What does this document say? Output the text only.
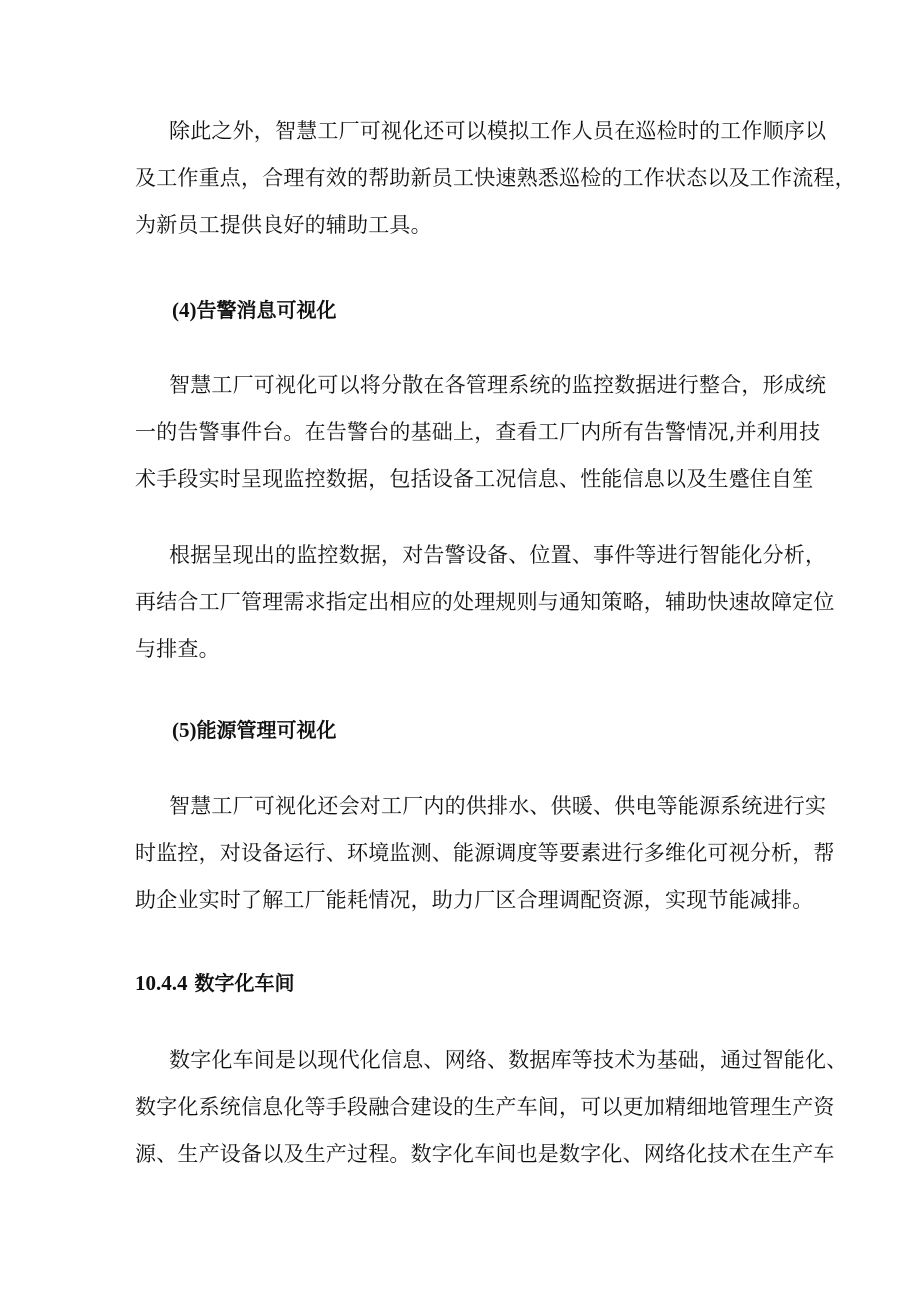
除此之外，智慧工厂可视化还可以模拟工作人员在巡检时的工作顺序以
及工作重点，合理有效的帮助新员工快速熟悉巡检的工作状态以及工作流程，
为新员工提供良好的辅助工具。
(4)告警消息可视化
智慧工厂可视化可以将分散在各管理系统的监控数据进行整合，形成统
一的告警事件台。在告警台的基础上，查看工厂内所有告警情况,并利用技
术手段实时呈现监控数据，包括设备工况信息、性能信息以及生蹙住自笙
根据呈现出的监控数据，对告警设备、位置、事件等进行智能化分析，
再结合工厂管理需求指定出相应的处理规则与通知策略，辅助快速故障定位
与排查。
(5)能源管理可视化
智慧工厂可视化还会对工厂内的供排水、供暖、供电等能源系统进行实
时监控，对设备运行、环境监测、能源调度等要素进行多维化可视分析，帮
助企业实时了解工厂能耗情况，助力厂区合理调配资源，实现节能减排。
10.4.4 数字化车间
数字化车间是以现代化信息、网络、数据库等技术为基础，通过智能化、
数字化系统信息化等手段融合建设的生产车间，可以更加精细地管理生产资
源、生产设备以及生产过程。数字化车间也是数字化、网络化技术在生产车
